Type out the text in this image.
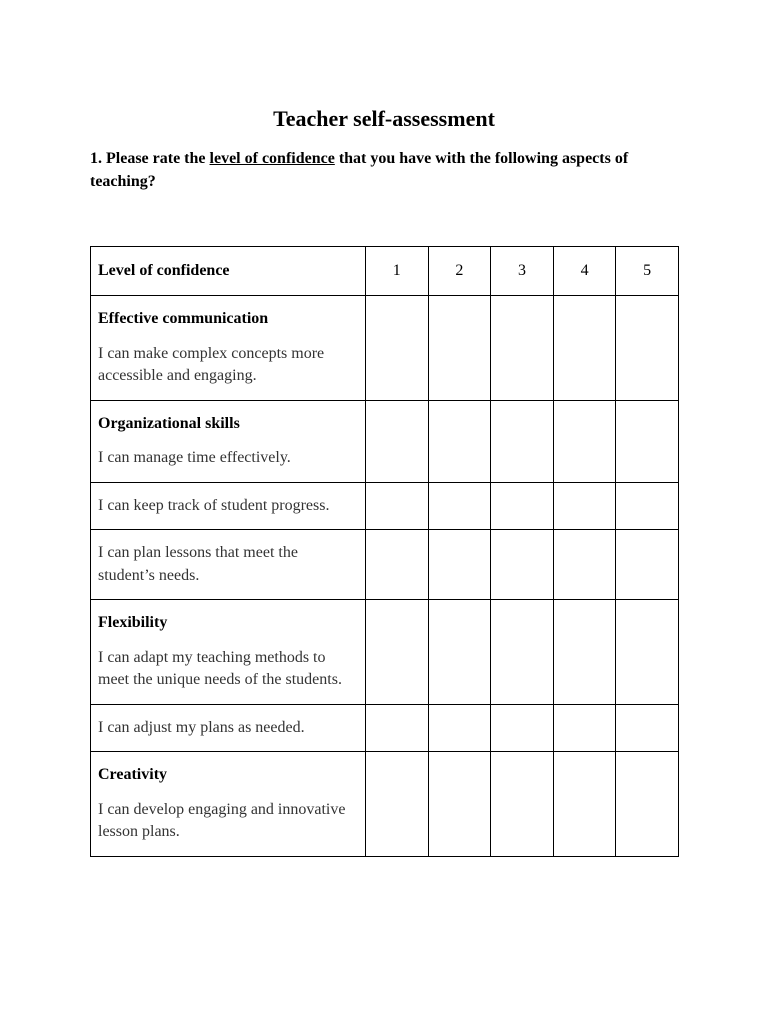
Teacher self-assessment

1. Please rate the level of confidence that you have with the following aspects of teaching?

Level of confidence	1	2	3	4	5

Effective communication
I can make complex concepts more accessible and engaging.					

Organizational skills
I can manage time effectively.					

I can keep track of student progress.					

I can plan lessons that meet the student’s needs.					

Flexibility
I can adapt my teaching methods to meet the unique needs of the students.					

I can adjust my plans as needed.					

Creativity
I can develop engaging and innovative lesson plans.					
